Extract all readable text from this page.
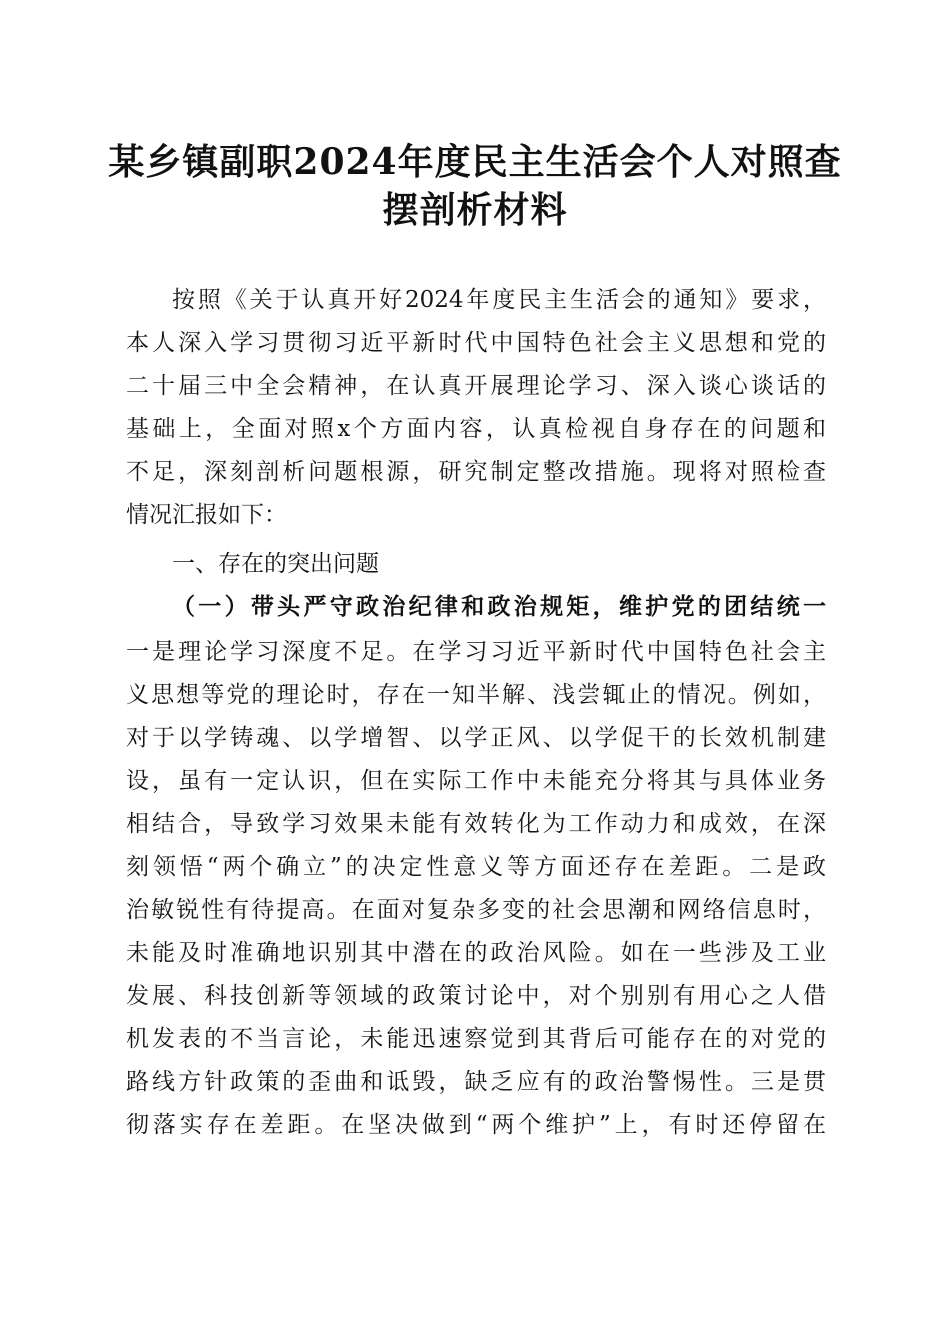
某乡镇副职2024年度民主生活会个人对照查
摆剖析材料
按照《关于认真开好2024年度民主生活会的通知》要求，
本人深入学习贯彻习近平新时代中国特色社会主义思想和党的
二十届三中全会精神，在认真开展理论学习、深入谈心谈话的
基础上，全面对照x个方面内容，认真检视自身存在的问题和
不足，深刻剖析问题根源，研究制定整改措施。现将对照检查
情况汇报如下：
一、存在的突出问题
（一）带头严守政治纪律和政治规矩，维护党的团结统一
一是理论学习深度不足。在学习习近平新时代中国特色社会主
义思想等党的理论时，存在一知半解、浅尝辄止的情况。例如，
对于以学铸魂、以学增智、以学正风、以学促干的长效机制建
设，虽有一定认识，但在实际工作中未能充分将其与具体业务
相结合，导致学习效果未能有效转化为工作动力和成效，在深
刻领悟“两个确立”的决定性意义等方面还存在差距。二是政
治敏锐性有待提高。在面对复杂多变的社会思潮和网络信息时，
未能及时准确地识别其中潜在的政治风险。如在一些涉及工业
发展、科技创新等领域的政策讨论中，对个别别有用心之人借
机发表的不当言论，未能迅速察觉到其背后可能存在的对党的
路线方针政策的歪曲和诋毁，缺乏应有的政治警惕性。三是贯
彻落实存在差距。在坚决做到“两个维护”上，有时还停留在
